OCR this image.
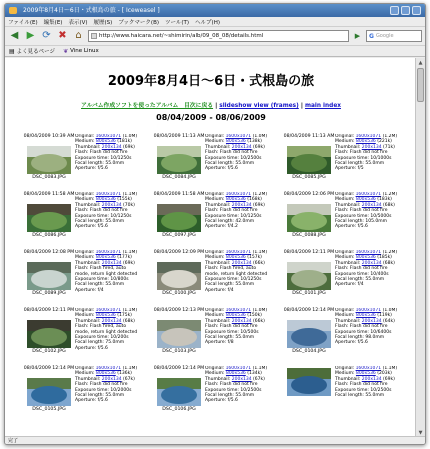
2009年8月4日〜6日・式根島の旅 - [ Iceweasel ]
ファイル(E) 編集(E) 表示(V) 履歴(S) ブックマーク(B) ツール(T) ヘルプ(H)
◀ ▶ ⟳ ✖ ⌂
http://www.haicara.net/~shimirin/alb/09_08_08/details.html	▶	G Google
▤ よく見るページ ❦ Vine Linux
2009年8月4日〜6日・式根島の旅
アルバム作成ソフトを使ったアルバム　目次に戻る | slideshow view (frames) | main index
08/04/2009 - 08/06/2009
08/04/2009 10:39 AM
DSC_0083.JPG
Original: 1600x1071 (1.0M)
Medium: 800x536 (181k)
Thumbnail: 200x134 (69k)
Flash: Flash did not fire
Exposure time: 10/1250s
Focal length: 55.0mm
Aperture: f/5.6
08/04/2009 11:13 AM
DSC_0084.JPG
Original: 1600x1071 (1.0M)
Medium: 800x536 (138k)
Thumbnail: 200x134 (69k)
Flash: Flash did not fire
Exposure time: 10/2500s
Focal length: 55.0mm
Aperture: f/5.6
08/04/2009 11:13 AM
DSC_0085.JPG
Original: 1600x1071 (1.2M)
Medium: 800x536 (221k)
Thumbnail: 200x134 (71k)
Flash: Flash did not fire
Exposure time: 10/1000s
Focal length: 55.0mm
Aperture: f/5
08/04/2009 11:58 AM
DSC_0086.JPG
Original: 1600x1071 (1.1M)
Medium: 800x536 (155k)
Thumbnail: 200x134 (70k)
Flash: Flash did not fire
Exposure time: 10/1250s
Focal length: 55.0mm
Aperture: f/5.6
08/04/2009 11:58 AM
DSC_0097.JPG
Original: 1600x1071 (1.2M)
Medium: 800x536 (168k)
Thumbnail: 200x134 (69k)
Flash: Flash did not fire
Exposure time: 10/1250s
Focal length: 42.0mm
Aperture: f/4.2
08/04/2009 12:06 PM
DSC_0088.JPG
Original: 1600x1071 (1.2M)
Medium: 800x536 (183k)
Thumbnail: 200x134 (68k)
Flash: Flash did not fire
Exposure time: 10/5000s
Focal length: 105.0mm
Aperture: f/5.6
08/04/2009 12:08 PM
DSC_0089.JPG
Original: 1600x1071 (1.1M)
Medium: 800x536 (177k)
Thumbnail: 200x134 (69k)
Flash: Flash fired, auto
mode, return light detected
Exposure time: 10/800s
Focal length: 55.0mm
Aperture: f/4
08/04/2009 12:09 PM
DSC_0100.JPG
Original: 1600x1071 (1.1M)
Medium: 800x536 (157k)
Thumbnail: 200x134 (66k)
Flash: Flash fired, auto
mode, return light detected
Exposure time: 10/1250s
Focal length: 55.0mm
Aperture: f/4
08/04/2009 12:11 PM
DSC_0101.JPG
Original: 1600x1071 (1.2M)
Medium: 800x536 (185k)
Thumbnail: 200x134 (68k)
Flash: Flash did not fire
Exposure time: 10/400s
Focal length: 55.0mm
Aperture: f/4
08/04/2009 12:11 PM
DSC_0102.JPG
Original: 1600x1071 (1.1M)
Medium: 800x536 (175k)
Thumbnail: 200x134 (68k)
Flash: Flash fired, auto
mode, return light detected
Exposure time: 10/200s
Focal length: 75.0mm
Aperture: f/5.6
08/04/2009 12:13 PM
DSC_0103.JPG
Original: 1600x1071 (1.0M)
Medium: 800x536 (150k)
Thumbnail: 200x134 (66k)
Flash: Flash did not fire
Exposure time: 10/500s
Focal length: 55.0mm
Aperture: f/8
08/04/2009 12:14 PM
DSC_0104.JPG
Original: 1600x1071 (1.0M)
Medium: 800x536 (119k)
Thumbnail: 200x134 (64k)
Flash: Flash did not fire
Exposure time: 10/6400s
Focal length: 98.0mm
Aperture: f/5.6
08/04/2009 12:14 PM
DSC_0105.JPG
Original: 1600x1071 (1.1M)
Medium: 800x536 (136k)
Thumbnail: 200x134 (67k)
Flash: Flash did not fire
Exposure time: 10/2000s
Focal length: 55.0mm
Aperture: f/5.6
08/04/2009 12:14 PM
DSC_0106.JPG
Original: 1600x1071 (1.1M)
Medium: 800x536 (134k)
Thumbnail: 200x134 (67k)
Flash: Flash did not fire
Exposure time: 10/2500s
Focal length: 55.0mm
Aperture: f/5.6
Original: 1600x1071 (1.1M)
Medium: 800x536 (203k)
Thumbnail: 200x134 (69k)
Flash: Flash did not fire
Exposure time: 10/2500s
Focal length: 55.0mm
▲
▼
完了
